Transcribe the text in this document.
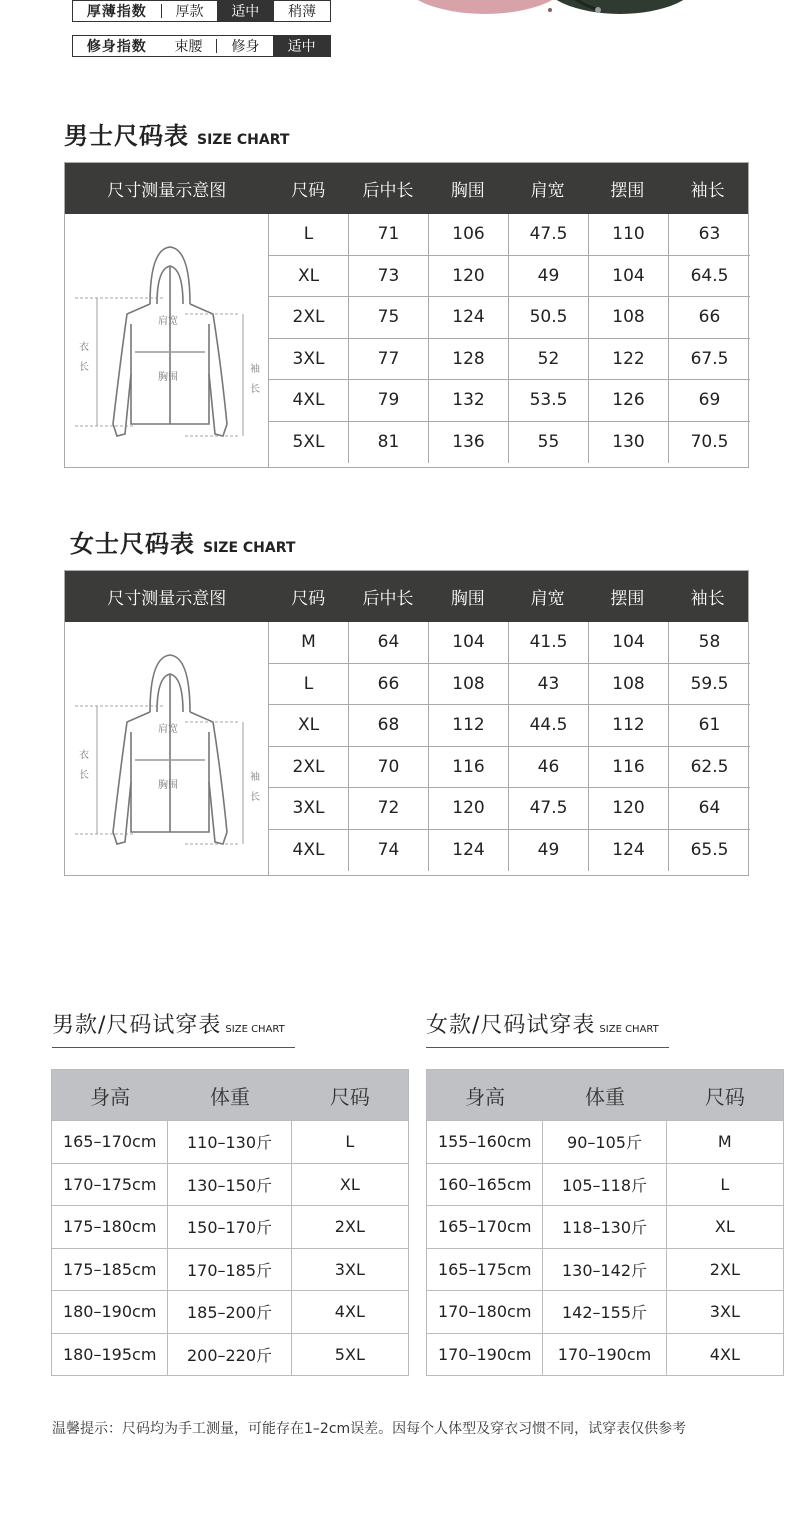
厚薄指数	厚款	适中	稍薄
修身指数	束腰	修身	适中
男士尺码表 SIZE CHART
尺寸测量示意图	尺码	后中长	胸围	肩宽	摆围	袖长
肩宽
胸围
衣长	袖长
L	71	106	47.5	110	63
XL	73	120	49	104	64.5
2XL	75	124	50.5	108	66
3XL	77	128	52	122	67.5
4XL	79	132	53.5	126	69
5XL	81	136	55	130	70.5
女士尺码表 SIZE CHART
尺寸测量示意图	尺码	后中长	胸围	肩宽	摆围	袖长
肩宽
胸围
衣长	袖长
M	64	104	41.5	104	58
L	66	108	43	108	59.5
XL	68	112	44.5	112	61
2XL	70	116	46	116	62.5
3XL	72	120	47.5	120	64
4XL	74	124	49	124	65.5
男款/尺码试穿表 SIZE CHART
身高	体重	尺码
165–170cm	110–130斤	L
170–175cm	130–150斤	XL
175–180cm	150–170斤	2XL
175–185cm	170–185斤	3XL
180–190cm	185–200斤	4XL
180–195cm	200–220斤	5XL
女款/尺码试穿表 SIZE CHART
身高	体重	尺码
155–160cm	90–105斤	M
160–165cm	105–118斤	L
165–170cm	118–130斤	XL
165–175cm	130–142斤	2XL
170–180cm	142–155斤	3XL
170–190cm	170–190cm	4XL
温馨提示：尺码均为手工测量，可能存在1–2cm误差。因每个人体型及穿衣习惯不同，试穿表仅供参考
